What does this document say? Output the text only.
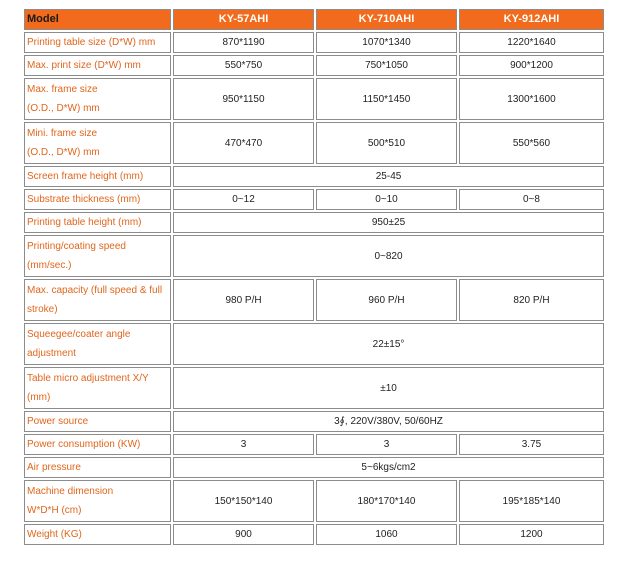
Model	KY-57AHI	KY-710AHI	KY-912AHI
Printing table size (D*W) mm	870*1190	1070*1340	1220*1640
Max. print size (D*W) mm	550*750	750*1050	900*1200
Max. frame size
(O.D., D*W) mm	950*1150	1150*1450	1300*1600
Mini. frame size
(O.D., D*W) mm	470*470	500*510	550*560
Screen frame height (mm)	25-45		
Substrate thickness (mm)	0~12	0~10	0~8
Printing table height (mm)	950±25		
Printing/coating speed
(mm/sec.)	0~820		
Max. capacity (full speed & full
stroke)	980 P/H	960 P/H	820 P/H
Squeegee/coater angle
adjustment	22±15°		
Table micro adjustment X/Y
(mm)	±10		
Power source	3∮, 220V/380V, 50/60HZ		
Power consumption (KW)	3	3	3.75
Air pressure	5~6kgs/cm2		
Machine dimension
W*D*H (cm)	150*150*140	180*170*140	195*185*140
Weight (KG)	900	1060	1200
